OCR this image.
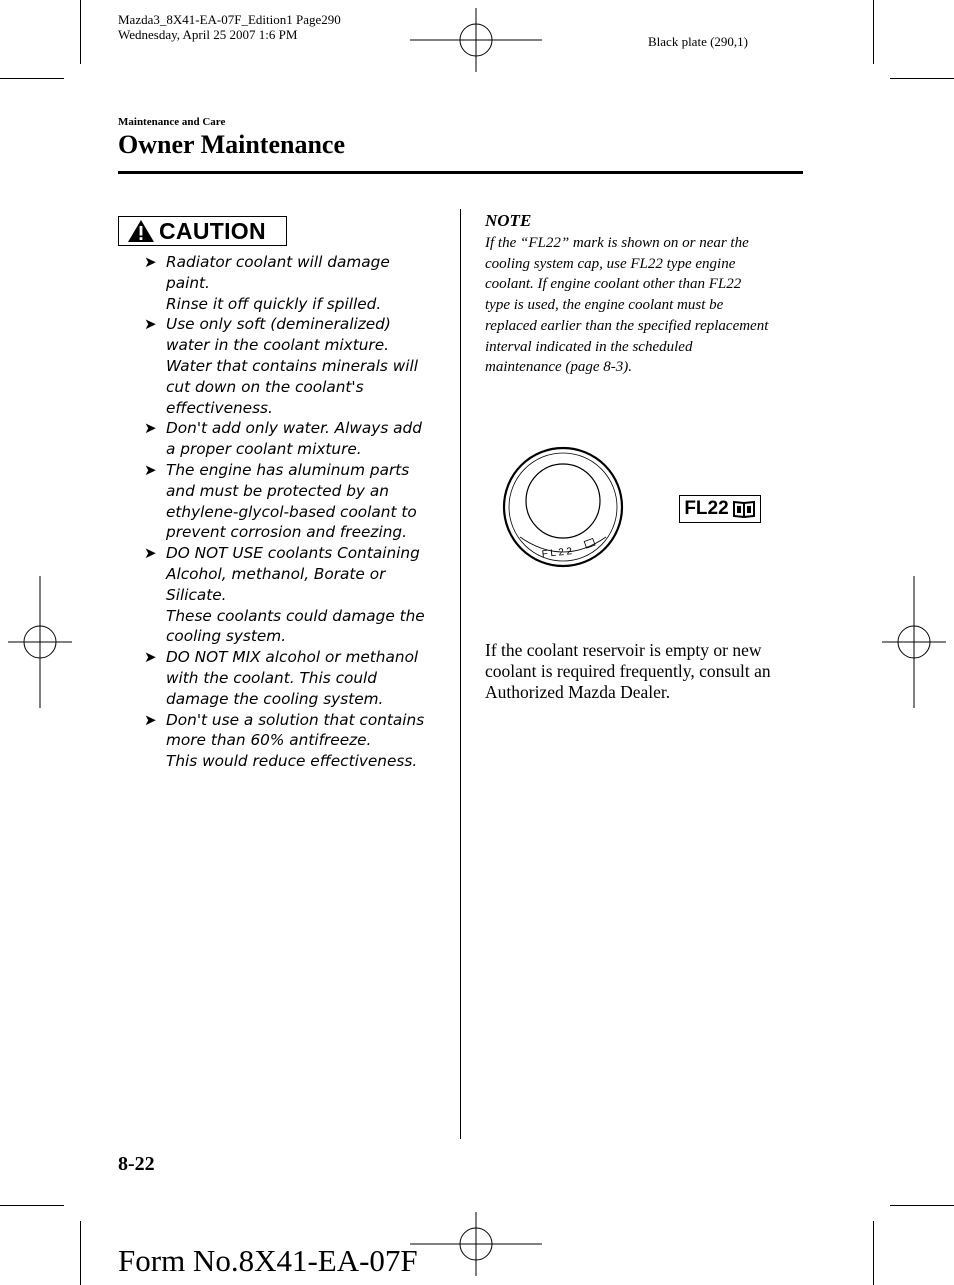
Mazda3_8X41-EA-07F_Edition1 Page290
Wednesday, April 25 2007 1:6 PM	Black plate (290,1)
Maintenance and Care
Owner Maintenance
CAUTION
➤ Radiator coolant will damage
paint.
Rinse it off quickly if spilled.
➤ Use only soft (demineralized)
water in the coolant mixture.
Water that contains minerals will
cut down on the coolant's
effectiveness.
➤ Don't add only water. Always add
a proper coolant mixture.
➤ The engine has aluminum parts
and must be protected by an
ethylene-glycol-based coolant to
prevent corrosion and freezing.
➤ DO NOT USE coolants Containing
Alcohol, methanol, Borate or
Silicate.
These coolants could damage the
cooling system.
➤ DO NOT MIX alcohol or methanol
with the coolant. This could
damage the cooling system.
➤ Don't use a solution that contains
more than 60% antifreeze.
This would reduce effectiveness.
NOTE
If the “FL22” mark is shown on or near the
cooling system cap, use FL22 type engine
coolant. If engine coolant other than FL22
type is used, the engine coolant must be
replaced earlier than the specified replacement
interval indicated in the scheduled
maintenance (page 8-3).
FL22
FL22
If the coolant reservoir is empty or new
coolant is required frequently, consult an
Authorized Mazda Dealer.
8-22
Form No.8X41-EA-07F
